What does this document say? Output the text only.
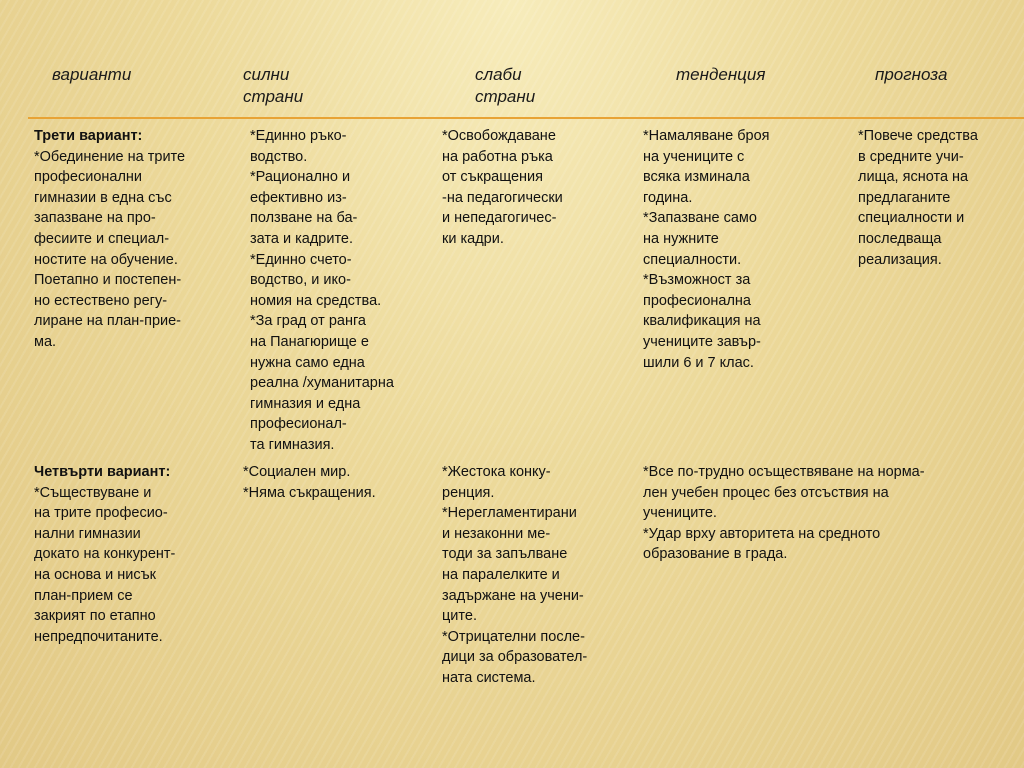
варианти	силни
страни
слаби
страни
тенденция	прогноза
Трети вариант:
*Обединение на трите
професионални
гимназии в една със
запазване на про-
фесиите и специал-
ностите на обучение.
Поетапно и постепен-
но естествено регу-
лиране на план-прие-
ма.
*Единно ръко-
водство.
*Рационално и
ефективно из-
ползване на ба-
зата и кадрите.
*Единно счето-
водство, и ико-
номия на средства.
*За град от ранга
на Панагюрище е
нужна само една
реална /хуманитарна
гимназия и една
професионал-
та гимназия.
*Освобождаване
на работна ръка
от съкращения
-на педагогически
и непедагогичес-
ки кадри.
*Намаляване броя
на учениците с
всяка изминала
година.
*Запазване само
на нужните
специалности.
*Възможност за
професионална
квалификация на
учениците завър-
шили 6 и 7 клас.
*Повече средства
в средните учи-
лища, яснота на
предлаганите
специалности и
последваща
реализация.
Четвърти вариант:
*Съществуване и
на трите професио-
нални гимназии
докато на конкурент-
на основа и нисък
план-прием се
закрият по етапно
непредпочитаните.
*Социален мир.
*Няма съкращения.
*Жестока конку-
ренция.
*Нерегламентирани
и незаконни ме-
тоди за запълване
на паралелките и
задържане на учени-
ците.
*Отрицателни после-
дици за образовател-
ната система.
*Все по-трудно осъществяване на норма-
лен учебен процес без отсъствия на
учениците.
*Удар врху авторитета на средното
образование в града.
